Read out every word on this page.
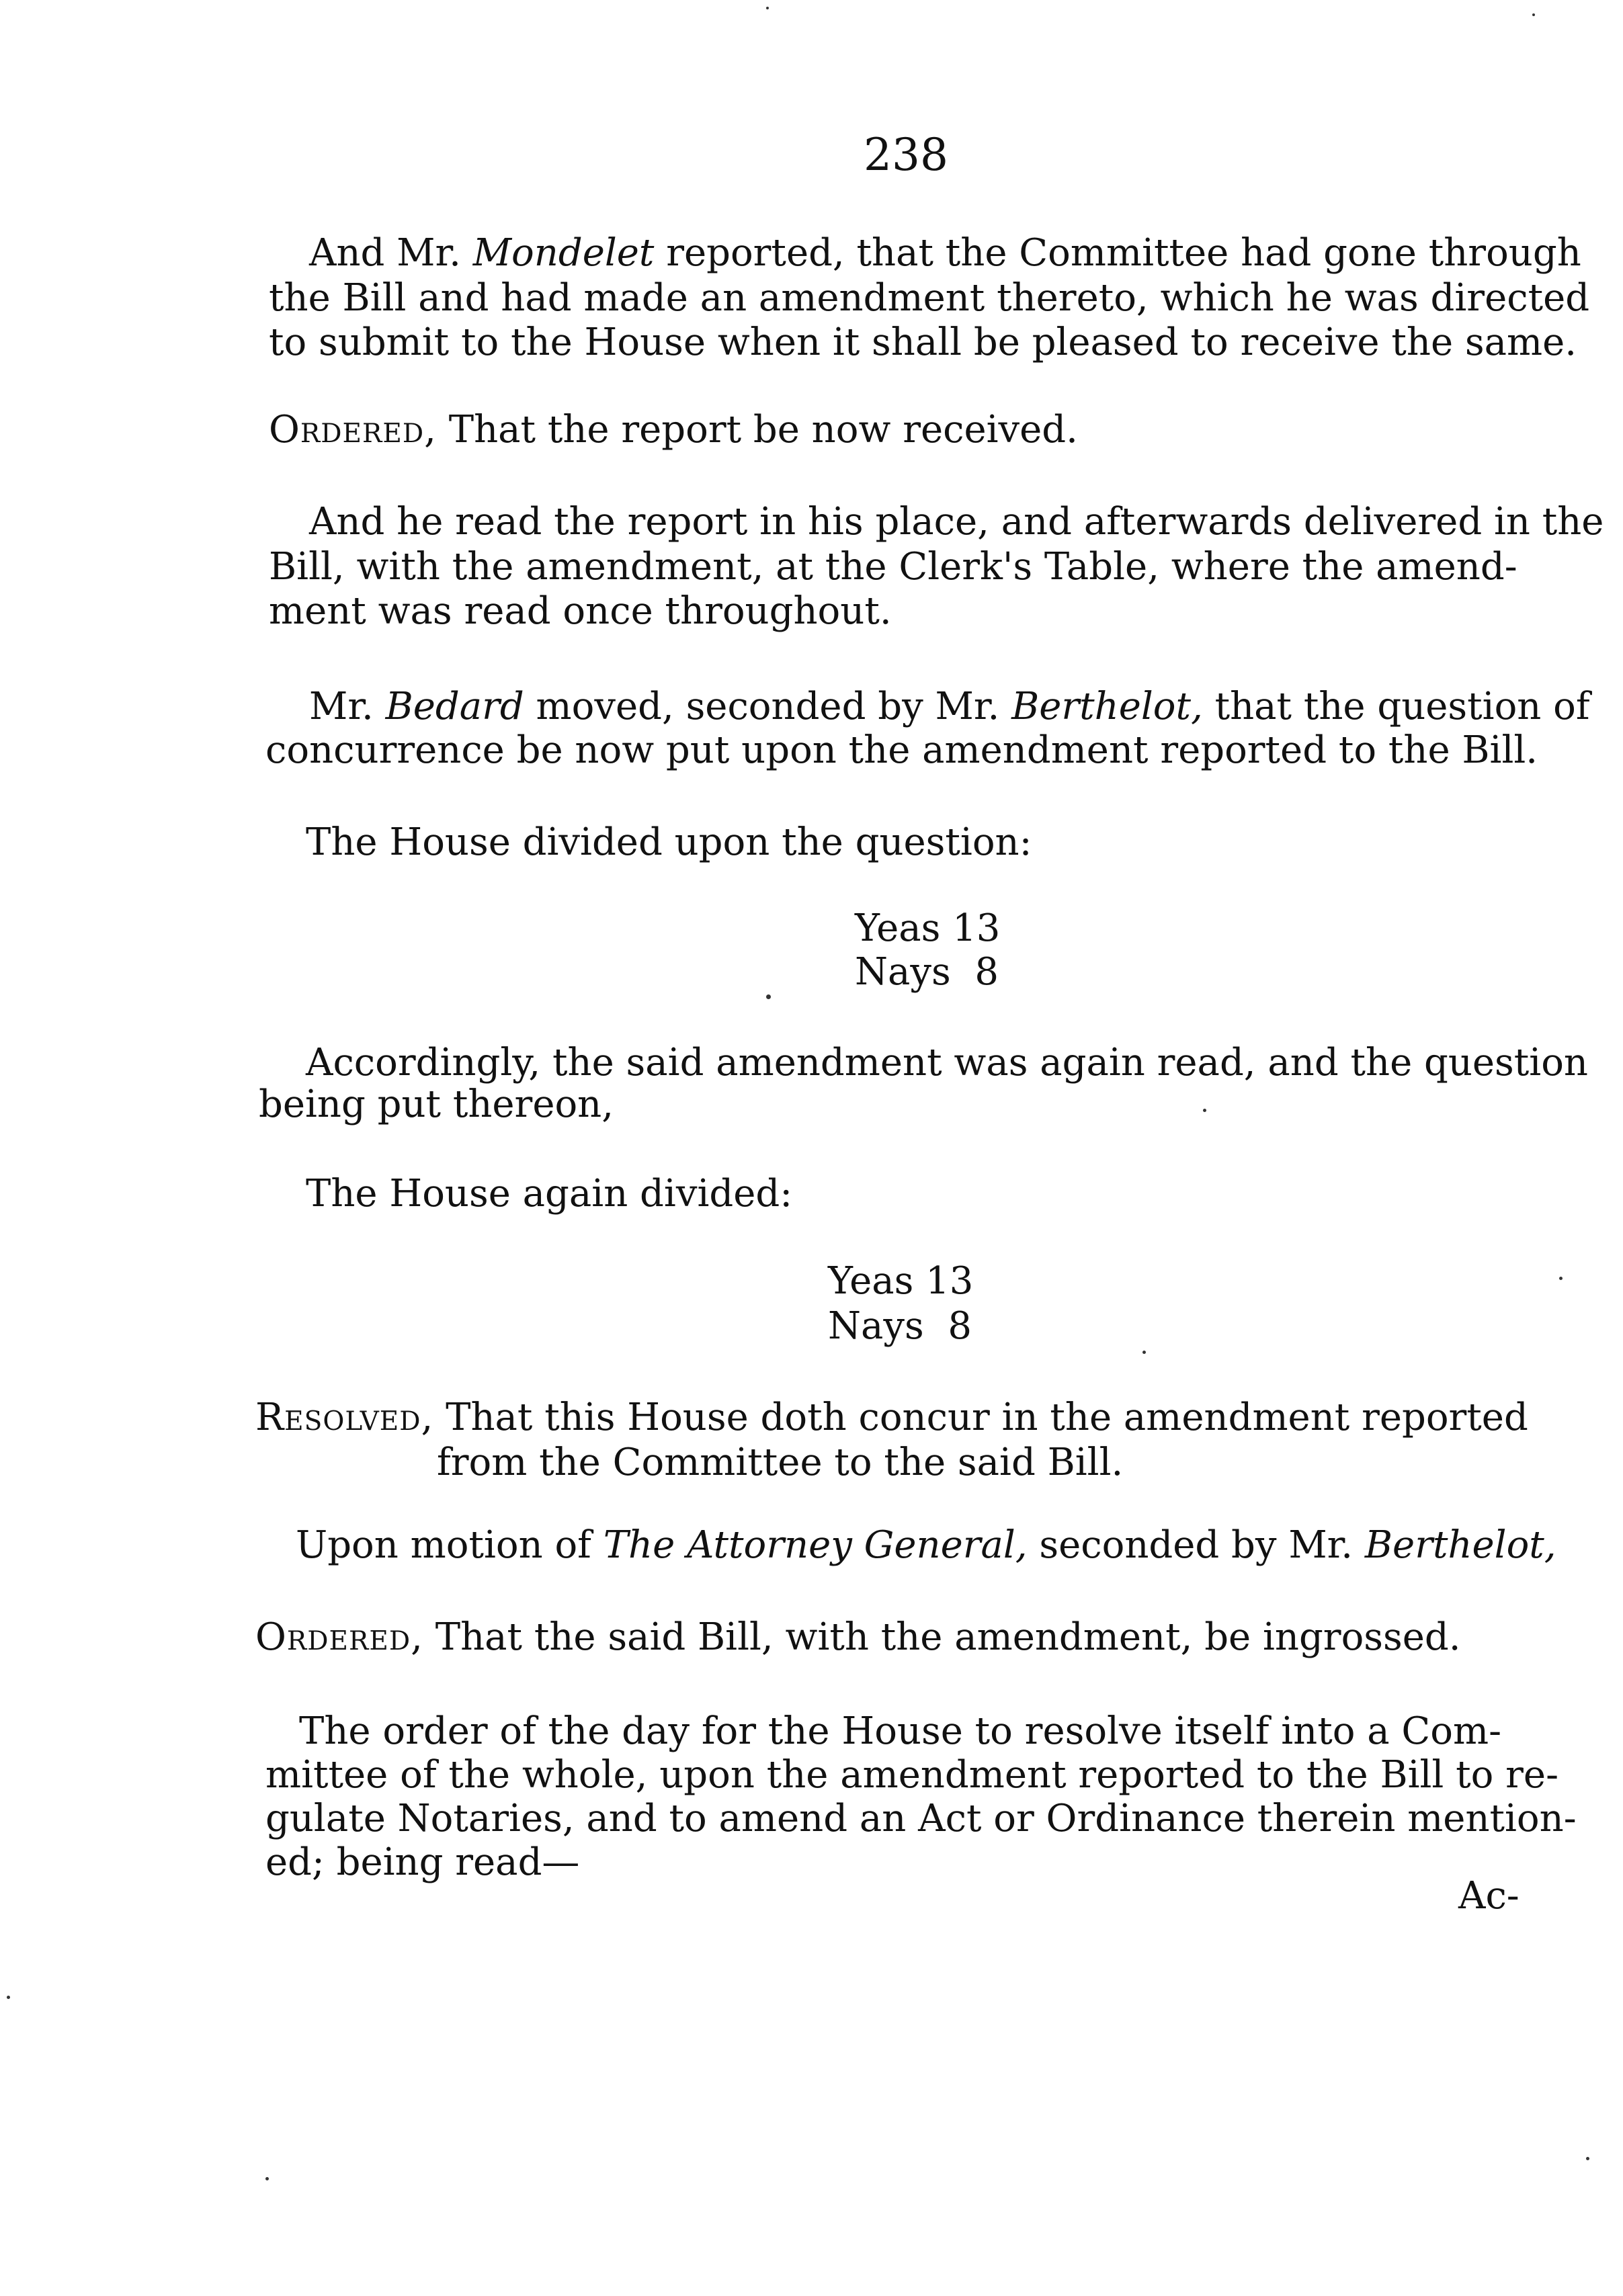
238
And Mr. Mondelet reported, that the Committee had gone through
the Bill and had made an amendment thereto, which he was directed
to submit to the House when it shall be pleased to receive the same.
Ordered, That the report be now received.
And he read the report in his place, and afterwards delivered in the
Bill, with the amendment, at the Clerk's Table, where the amend-
ment was read once throughout.
Mr. Bedard moved, seconded by Mr. Berthelot, that the question of
concurrence be now put upon the amendment reported to the Bill.
The House divided upon the question:
Yeas 13
Nays  8
Accordingly, the said amendment was again read, and the question
being put thereon,
The House again divided:
Yeas 13
Nays  8
Resolved, That this House doth concur in the amendment reported
from the Committee to the said Bill.
Upon motion of The Attorney General, seconded by Mr. Berthelot,
Ordered, That the said Bill, with the amendment, be ingrossed.
The order of the day for the House to resolve itself into a Com-
mittee of the whole, upon the amendment reported to the Bill to re-
gulate Notaries, and to amend an Act or Ordinance therein mention-
ed; being read—
Ac-
